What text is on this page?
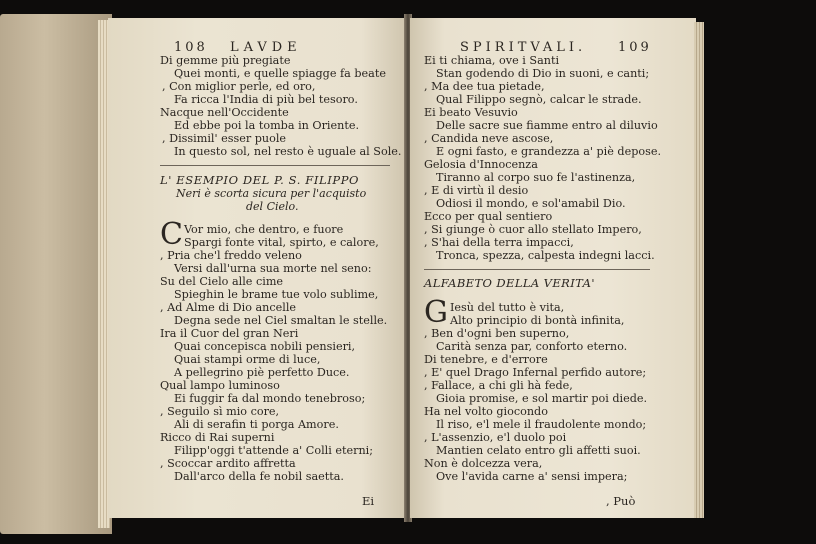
108 LAVDE
Di gemme più pregiate
Quei monti, e quelle spiagge fa beate
, Con miglior perle, ed oro,
Fa ricca l'India di più bel tesoro.
Nacque nell'Occidente
Ed ebbe poi la tomba in Oriente.
, Dissimil' esser puole
In questo sol, nel resto è uguale al Sole.
L' ESEMPIO DEL P. S. FILIPPO
Neri è scorta sicura per l'acquisto
del Cielo.
C Vor mio, che dentro, e fuore
Spargi fonte vital, spirto, e calore,
, Pria che'l freddo veleno
Versi dall'urna sua morte nel seno:
Su del Cielo alle cime
Spieghin le brame tue volo sublime,
, Ad Alme di Dio ancelle
Degna sede nel Ciel smaltan le stelle.
Ira il Cuor del gran Neri
Quai concepisca nobili pensieri,
Quai stampi orme di luce,
A pellegrino piè perfetto Duce.
Qual lampo luminoso
Ei fuggir fa dal mondo tenebroso;
, Seguilo sì mio core,
Ali di serafin ti porga Amore.
Ricco di Rai superni
Filipp'oggi t'attende a' Colli eterni;
, Scoccar ardito affretta
Dall'arco della fe nobil saetta.
Ei
SPIRITVALI. 109
Ei ti chiama, ove i Santi
Stan godendo di Dio in suoni, e canti;
, Ma dee tua pietade,
Qual Filippo segnò, calcar le strade.
Ei beato Vesuvio
Delle sacre sue fiamme entro al diluvio
, Candida neve ascose,
E ogni fasto, e grandezza a' piè depose.
Gelosia d'Innocenza
Tiranno al corpo suo fe l'astinenza,
, E di virtù il desio
Odiosi il mondo, e sol'amabil Dio.
Ecco per qual sentiero
, Si giunge ò cuor allo stellato Impero,
, S'hai della terra impacci,
Tronca, spezza, calpesta indegni lacci.
ALFABETO DELLA VERITA'
G Iesù del tutto è vita,
Alto principio di bontà infinita,
, Ben d'ogni ben superno,
Carità senza par, conforto eterno.
Di tenebre, e d'errore
, E' quel Drago Infernal perfido autore;
, Fallace, a chi gli hà fede,
Gioia promise, e sol martir poi diede.
Ha nel volto giocondo
Il riso, e'l mele il fraudolente mondo;
, L'assenzio, e'l duolo poi
Mantien celato entro gli affetti suoi.
Non è dolcezza vera,
Ove l'avida carne a' sensi impera;
, Può
